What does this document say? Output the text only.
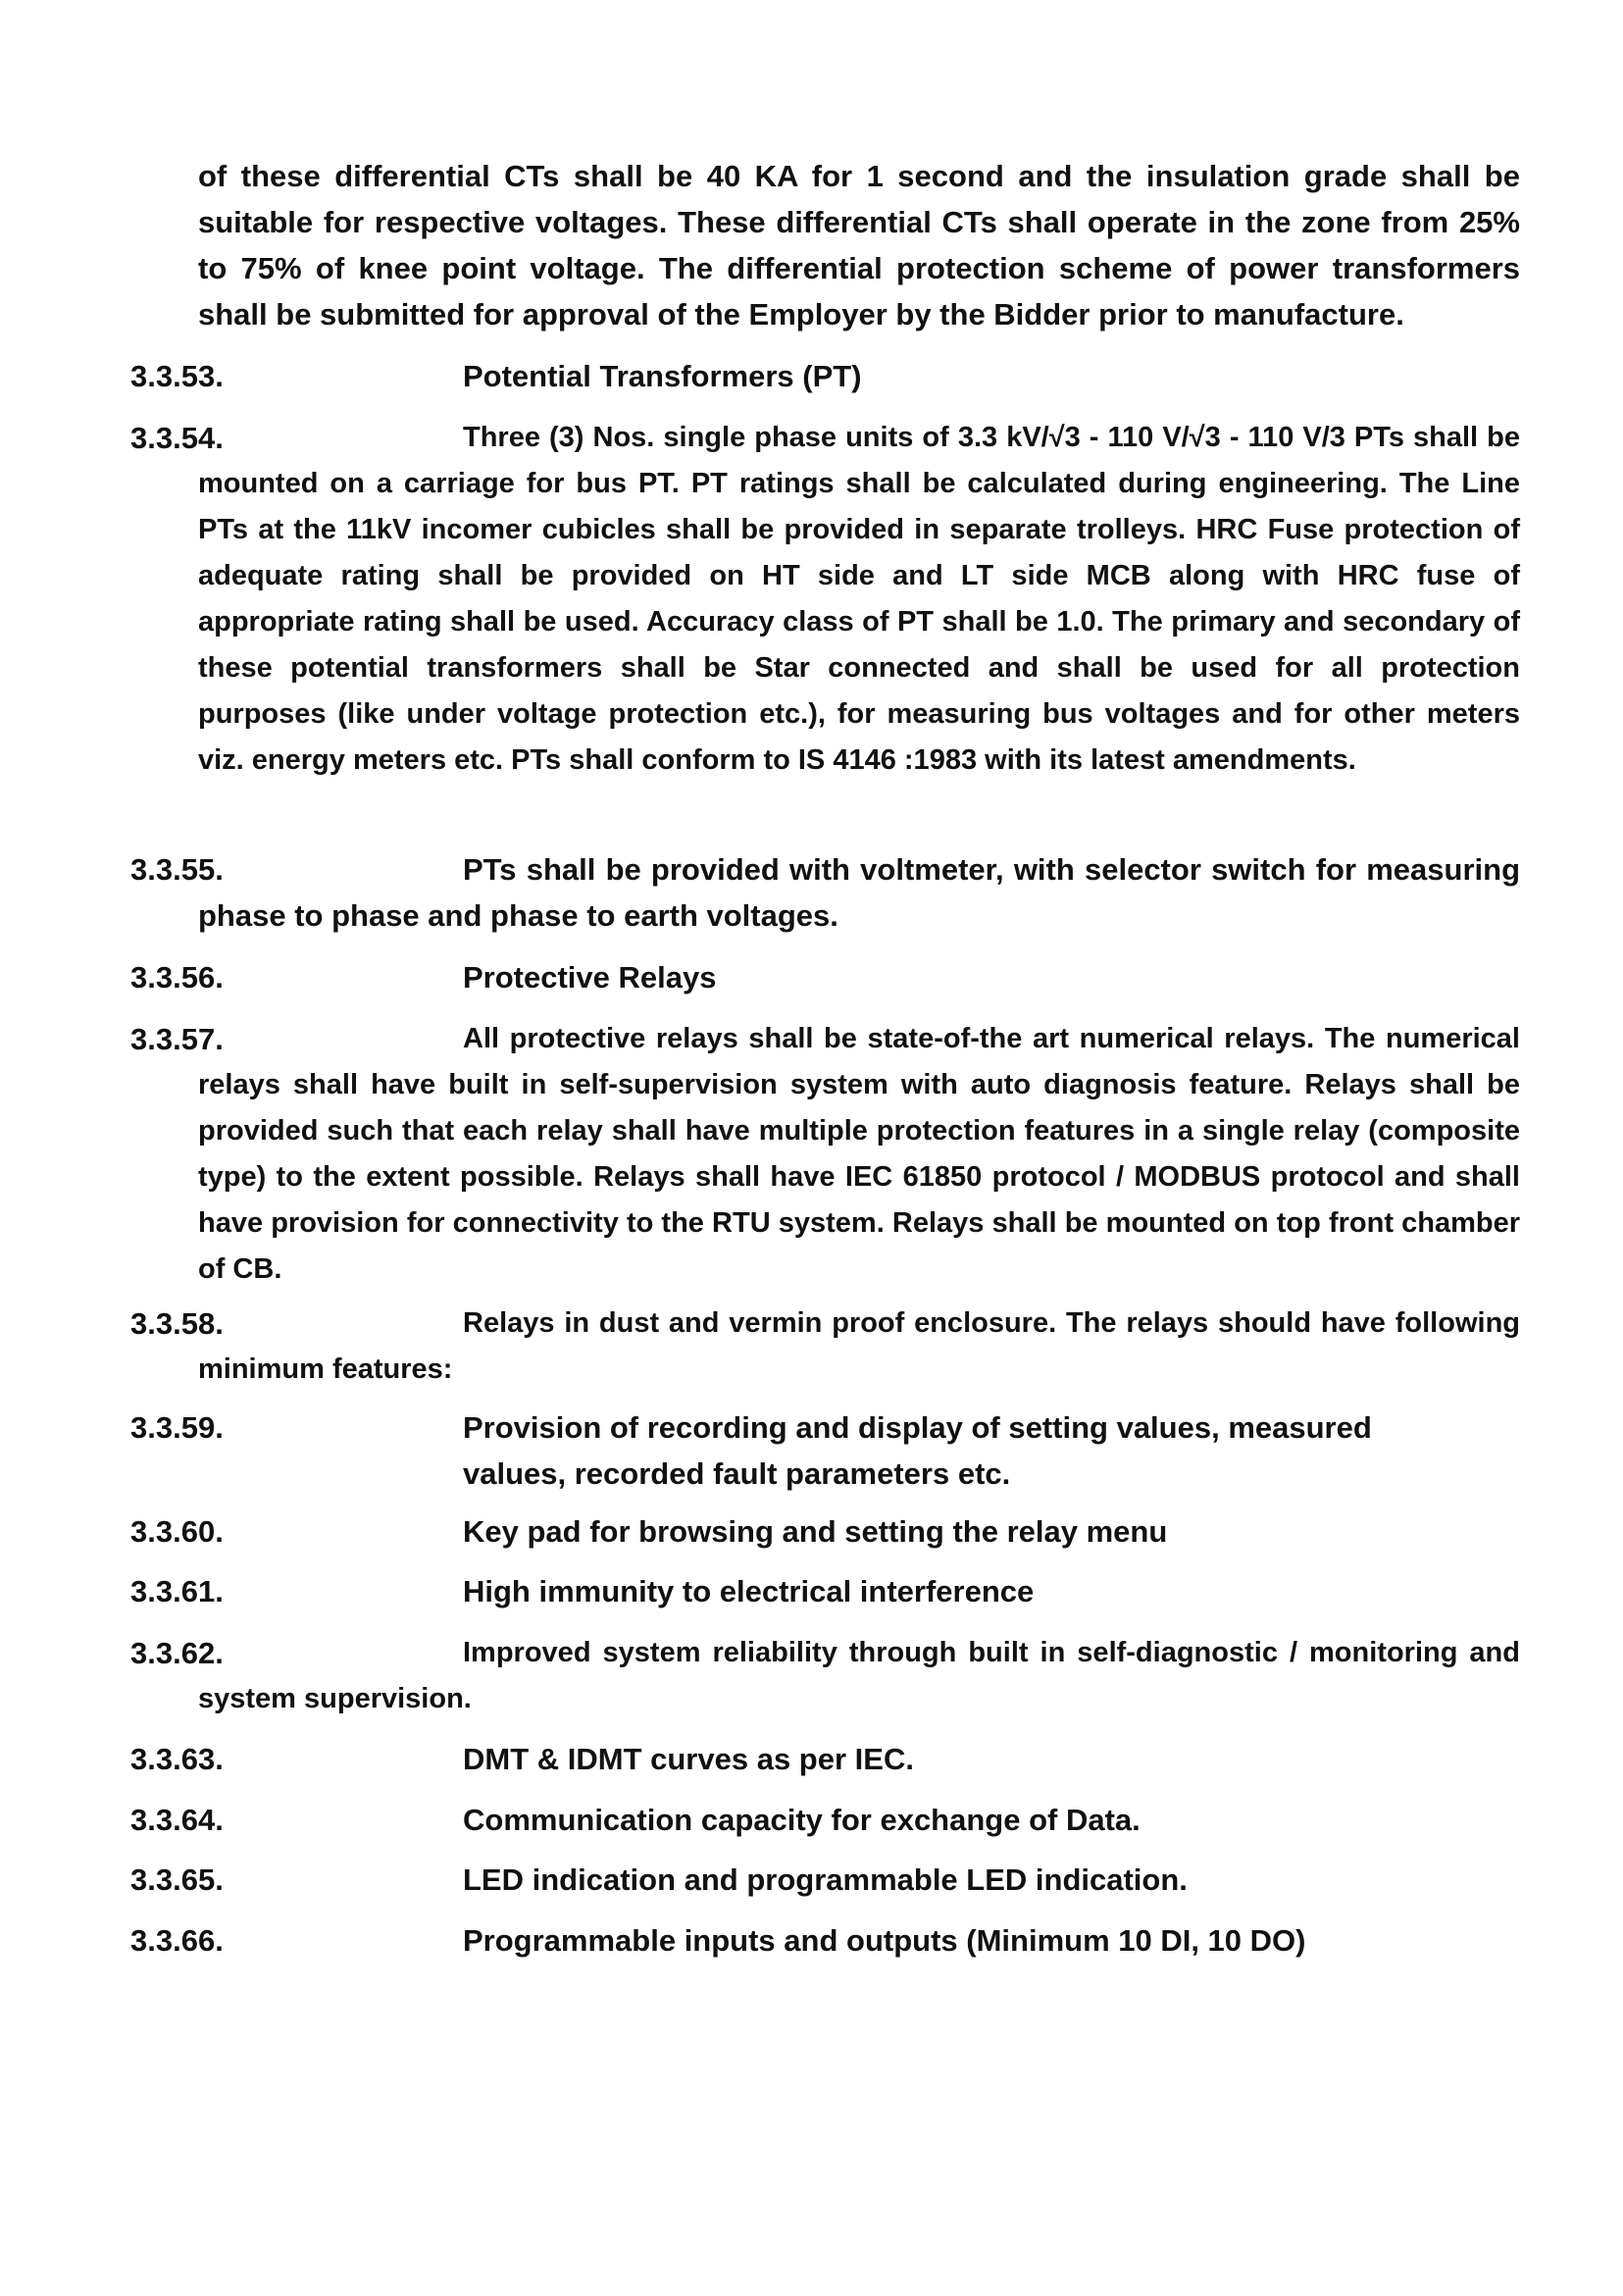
of these differential CTs shall be 40 KA for 1 second and the insulation grade shall be suitable for respective voltages. These differential CTs shall operate in the zone from 25% to 75% of knee point voltage. The differential protection scheme of power transformers shall be submitted for approval of the Employer by the Bidder prior to manufacture.

3.3.53.	Potential Transformers (PT)
3.3.54.	Three (3) Nos. single phase units of 3.3 kV/√3 - 110 V/√3 - 110 V/3 PTs shall be mounted on a carriage for bus PT. PT ratings shall be calculated during engineering. The Line PTs at the 11kV incomer cubicles shall be provided in separate trolleys. HRC Fuse protection of adequate rating shall be provided on HT side and LT side MCB along with HRC fuse of appropriate rating shall be used. Accuracy class of PT shall be 1.0. The primary and secondary of these potential transformers shall be Star connected and shall be used for all protection purposes (like under voltage protection etc.), for measuring bus voltages and for other meters viz. energy meters etc. PTs shall conform to IS 4146 :1983 with its latest amendments.
3.3.55.	PTs shall be provided with voltmeter, with selector switch for measuring phase to phase and phase to earth voltages.
3.3.56.	Protective Relays
3.3.57.	All protective relays shall be state-of-the art numerical relays. The numerical relays shall have built in self-supervision system with auto diagnosis feature. Relays shall be provided such that each relay shall have multiple protection features in a single relay (composite type) to the extent possible. Relays shall have IEC 61850 protocol / MODBUS protocol and shall have provision for connectivity to the RTU system. Relays shall be mounted on top front chamber of CB.
3.3.58.	Relays in dust and vermin proof enclosure. The relays should have following minimum features:
3.3.59.	Provision of recording and display of setting values, measured values, recorded fault parameters etc.
3.3.60.	Key pad for browsing and setting the relay menu
3.3.61.	High immunity to electrical interference
3.3.62.	Improved system reliability through built in self-diagnostic / monitoring and system supervision.
3.3.63.	DMT & IDMT curves as per IEC.
3.3.64.	Communication capacity for exchange of Data.
3.3.65.	LED indication and programmable LED indication.
3.3.66.	Programmable inputs and outputs (Minimum 10 DI, 10 DO)
